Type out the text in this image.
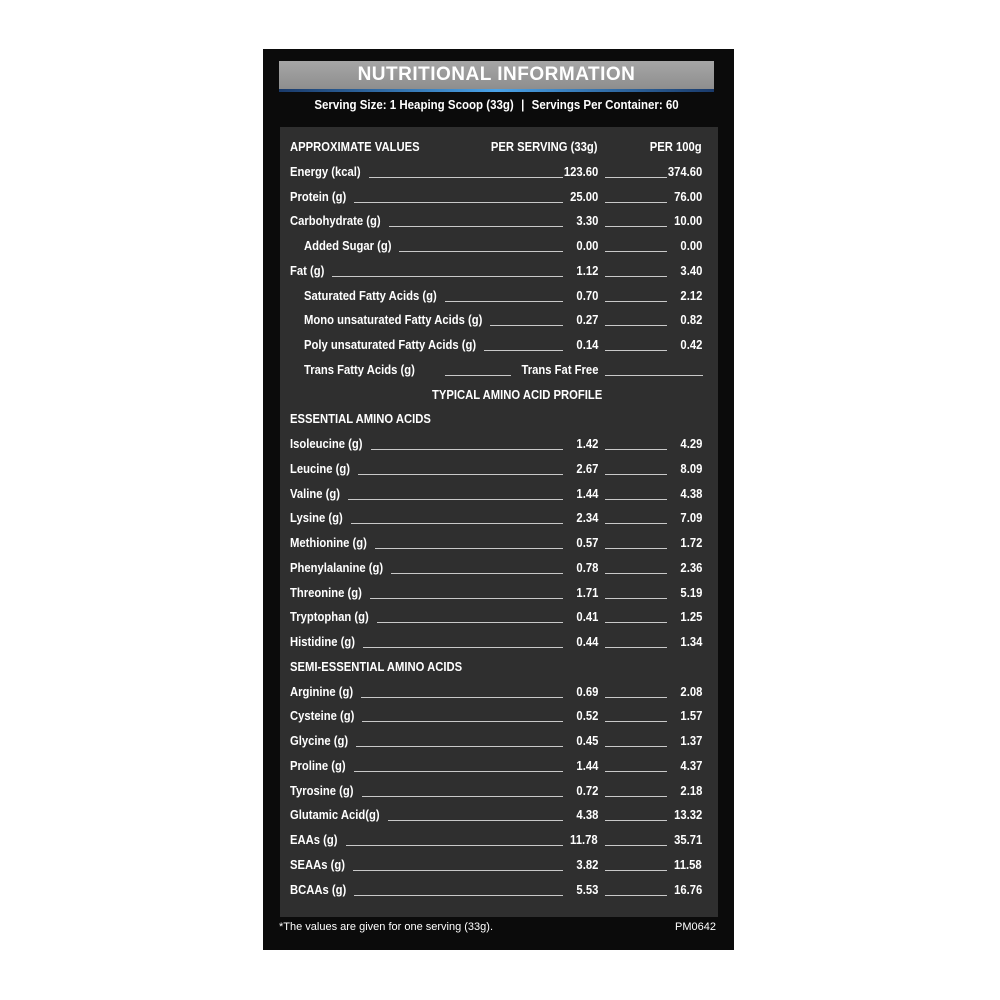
NUTRITIONAL INFORMATION
Serving Size: 1 Heaping Scoop (33g) | Servings Per Container: 60
APPROXIMATE VALUES	PER SERVING (33g)	PER 100g
Energy (kcal)	123.60	374.60
Protein (g)	25.00	76.00
Carbohydrate (g)	3.30	10.00
Added Sugar (g)	0.00	0.00
Fat (g)	1.12	3.40
Saturated Fatty Acids (g)	0.70	2.12
Mono unsaturated Fatty Acids (g)	0.27	0.82
Poly unsaturated Fatty Acids (g)	0.14	0.42
Trans Fatty Acids (g)	Trans Fat Free
TYPICAL AMINO ACID PROFILE
ESSENTIAL AMINO ACIDS
Isoleucine (g)	1.42	4.29
Leucine (g)	2.67	8.09
Valine (g)	1.44	4.38
Lysine (g)	2.34	7.09
Methionine (g)	0.57	1.72
Phenylalanine (g)	0.78	2.36
Threonine (g)	1.71	5.19
Tryptophan (g)	0.41	1.25
Histidine (g)	0.44	1.34
SEMI-ESSENTIAL AMINO ACIDS
Arginine (g)	0.69	2.08
Cysteine (g)	0.52	1.57
Glycine (g)	0.45	1.37
Proline (g)	1.44	4.37
Tyrosine (g)	0.72	2.18
Glutamic Acid(g)	4.38	13.32
EAAs (g)	11.78	35.71
SEAAs (g)	3.82	11.58
BCAAs (g)	5.53	16.76
*The values are given for one serving (33g).	PM0642
